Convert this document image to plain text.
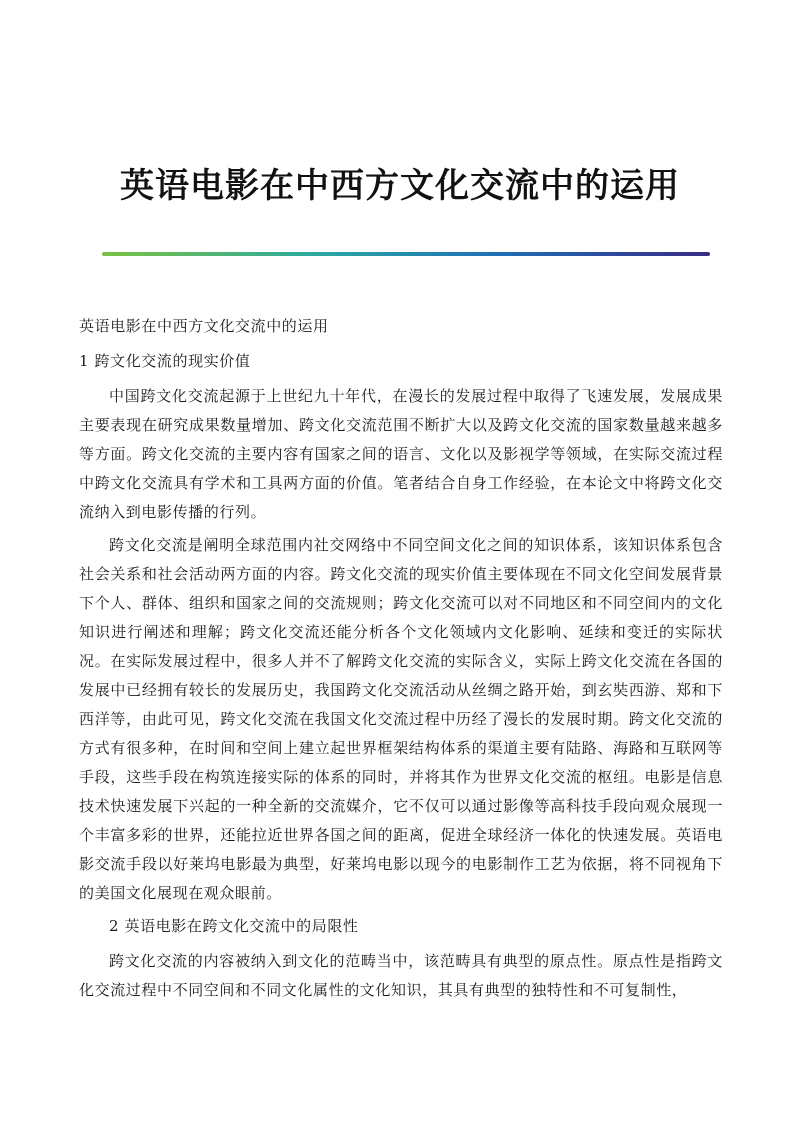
英语电影在中西方文化交流中的运用

英语电影在中西方文化交流中的运用

1 跨文化交流的现实价值

中国跨文化交流起源于上世纪九十年代，在漫长的发展过程中取得了飞速发展，发展成果主要表现在研究成果数量增加、跨文化交流范围不断扩大以及跨文化交流的国家数量越来越多等方面。跨文化交流的主要内容有国家之间的语言、文化以及影视学等领域，在实际交流过程中跨文化交流具有学术和工具两方面的价值。笔者结合自身工作经验，在本论文中将跨文化交流纳入到电影传播的行列。

跨文化交流是阐明全球范围内社交网络中不同空间文化之间的知识体系，该知识体系包含社会关系和社会活动两方面的内容。跨文化交流的现实价值主要体现在不同文化空间发展背景下个人、群体、组织和国家之间的交流规则；跨文化交流可以对不同地区和不同空间内的文化知识进行阐述和理解；跨文化交流还能分析各个文化领域内文化影响、延续和变迁的实际状况。在实际发展过程中，很多人并不了解跨文化交流的实际含义，实际上跨文化交流在各国的发展中已经拥有较长的发展历史，我国跨文化交流活动从丝绸之路开始，到玄奘西游、郑和下西洋等，由此可见，跨文化交流在我国文化交流过程中历经了漫长的发展时期。跨文化交流的方式有很多种，在时间和空间上建立起世界框架结构体系的渠道主要有陆路、海路和互联网等手段，这些手段在构筑连接实际的体系的同时，并将其作为世界文化交流的枢纽。电影是信息技术快速发展下兴起的一种全新的交流媒介，它不仅可以通过影像等高科技手段向观众展现一个丰富多彩的世界，还能拉近世界各国之间的距离，促进全球经济一体化的快速发展。英语电影交流手段以好莱坞电影最为典型，好莱坞电影以现今的电影制作工艺为依据，将不同视角下的美国文化展现在观众眼前。

2 英语电影在跨文化交流中的局限性

跨文化交流的内容被纳入到文化的范畴当中，该范畴具有典型的原点性。原点性是指跨文化交流过程中不同空间和不同文化属性的文化知识，其具有典型的独特性和不可复制性，
